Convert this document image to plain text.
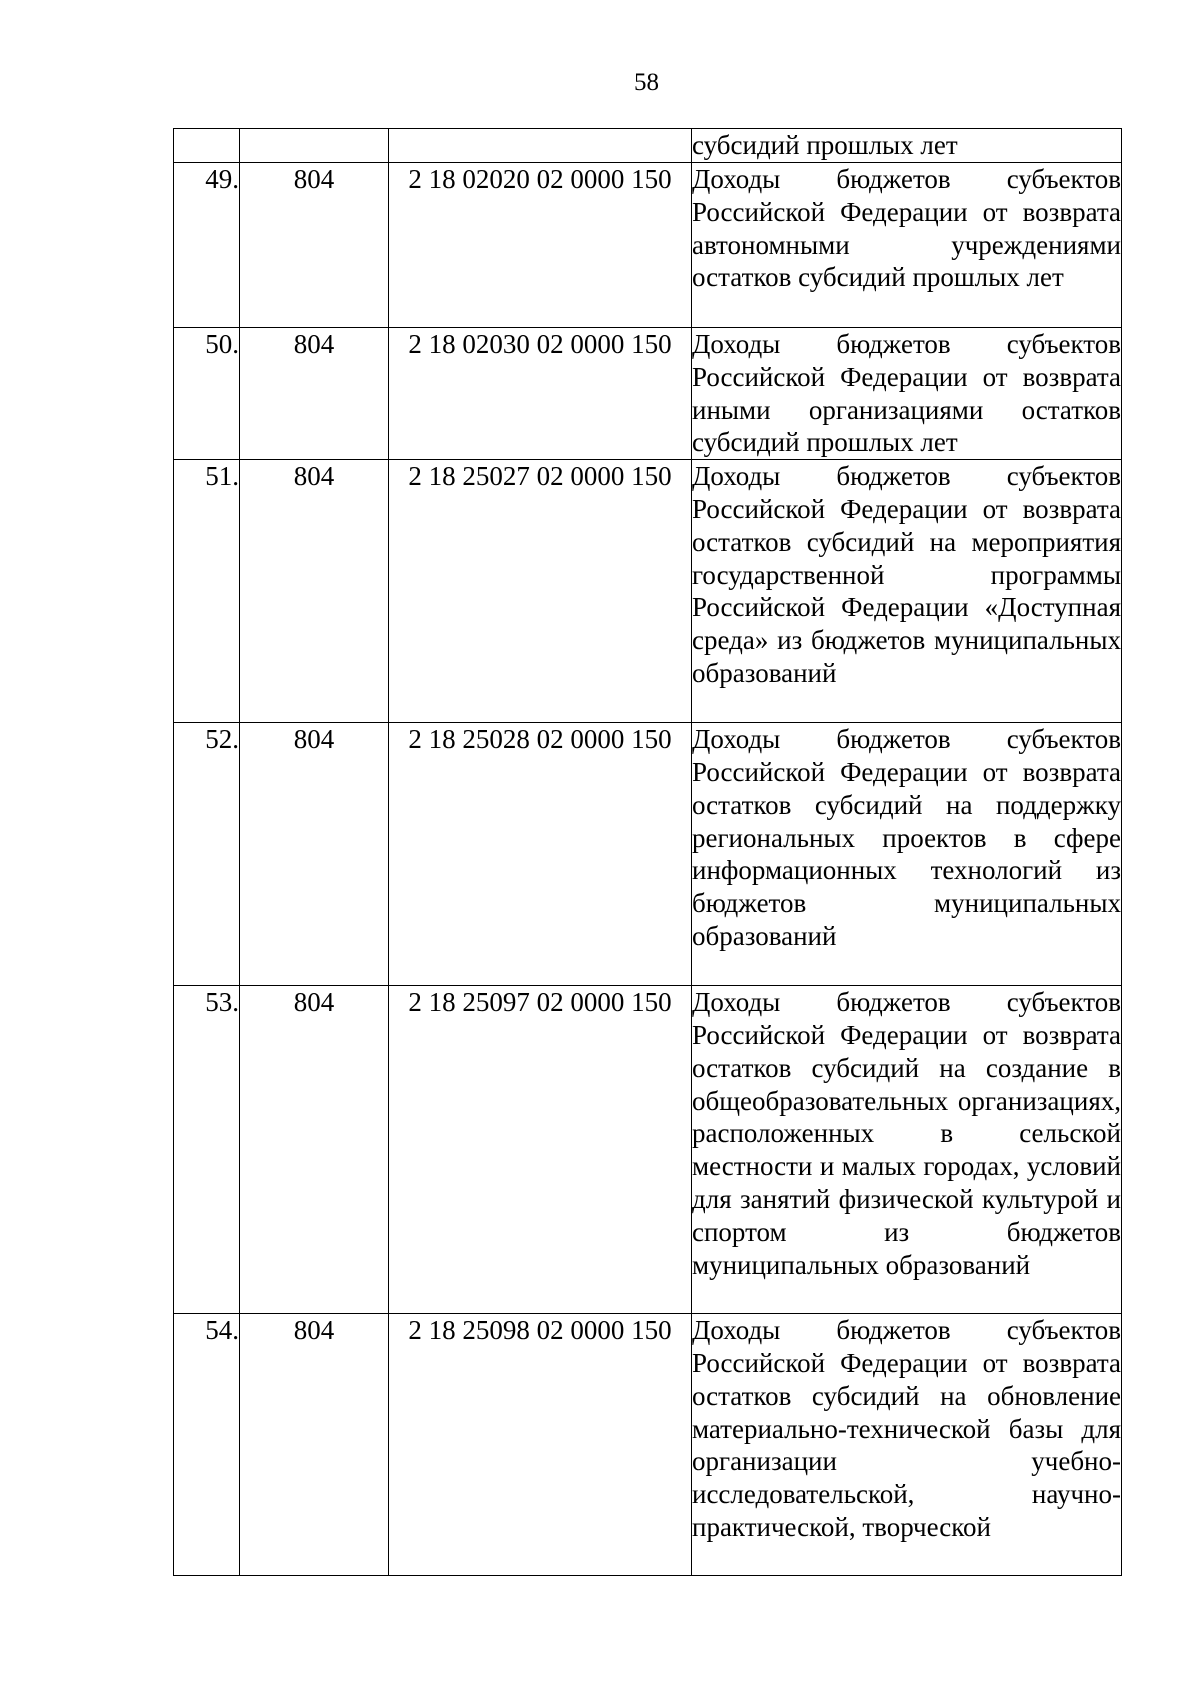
58
			субсидий прошлых лет
49.	804	2 18 02020 02 0000 150	Доходы бюджетов субъектов Российской Федерации от возврата автономными учреждениями остатков субсидий прошлых лет
50.	804	2 18 02030 02 0000 150	Доходы бюджетов субъектов Российской Федерации от возврата иными организациями остатков субсидий прошлых лет
51.	804	2 18 25027 02 0000 150	Доходы бюджетов субъектов Российской Федерации от возврата остатков субсидий на мероприятия государственной программы Российской Федерации «Доступная среда» из бюджетов муниципальных образований
52.	804	2 18 25028 02 0000 150	Доходы бюджетов субъектов Российской Федерации от возврата остатков субсидий на поддержку региональных проектов в сфере информационных технологий из бюджетов муниципальных образований
53.	804	2 18 25097 02 0000 150	Доходы бюджетов субъектов Российской Федерации от возврата остатков субсидий на создание в общеобразовательных организациях, расположенных в сельской местности и малых городах, условий для занятий физической культурой и спортом из бюджетов муниципальных образований
54.	804	2 18 25098 02 0000 150	Доходы бюджетов субъектов Российской Федерации от возврата остатков субсидий на обновление материально-технической базы для организации учебно-исследовательской, научно-практической, творческой
